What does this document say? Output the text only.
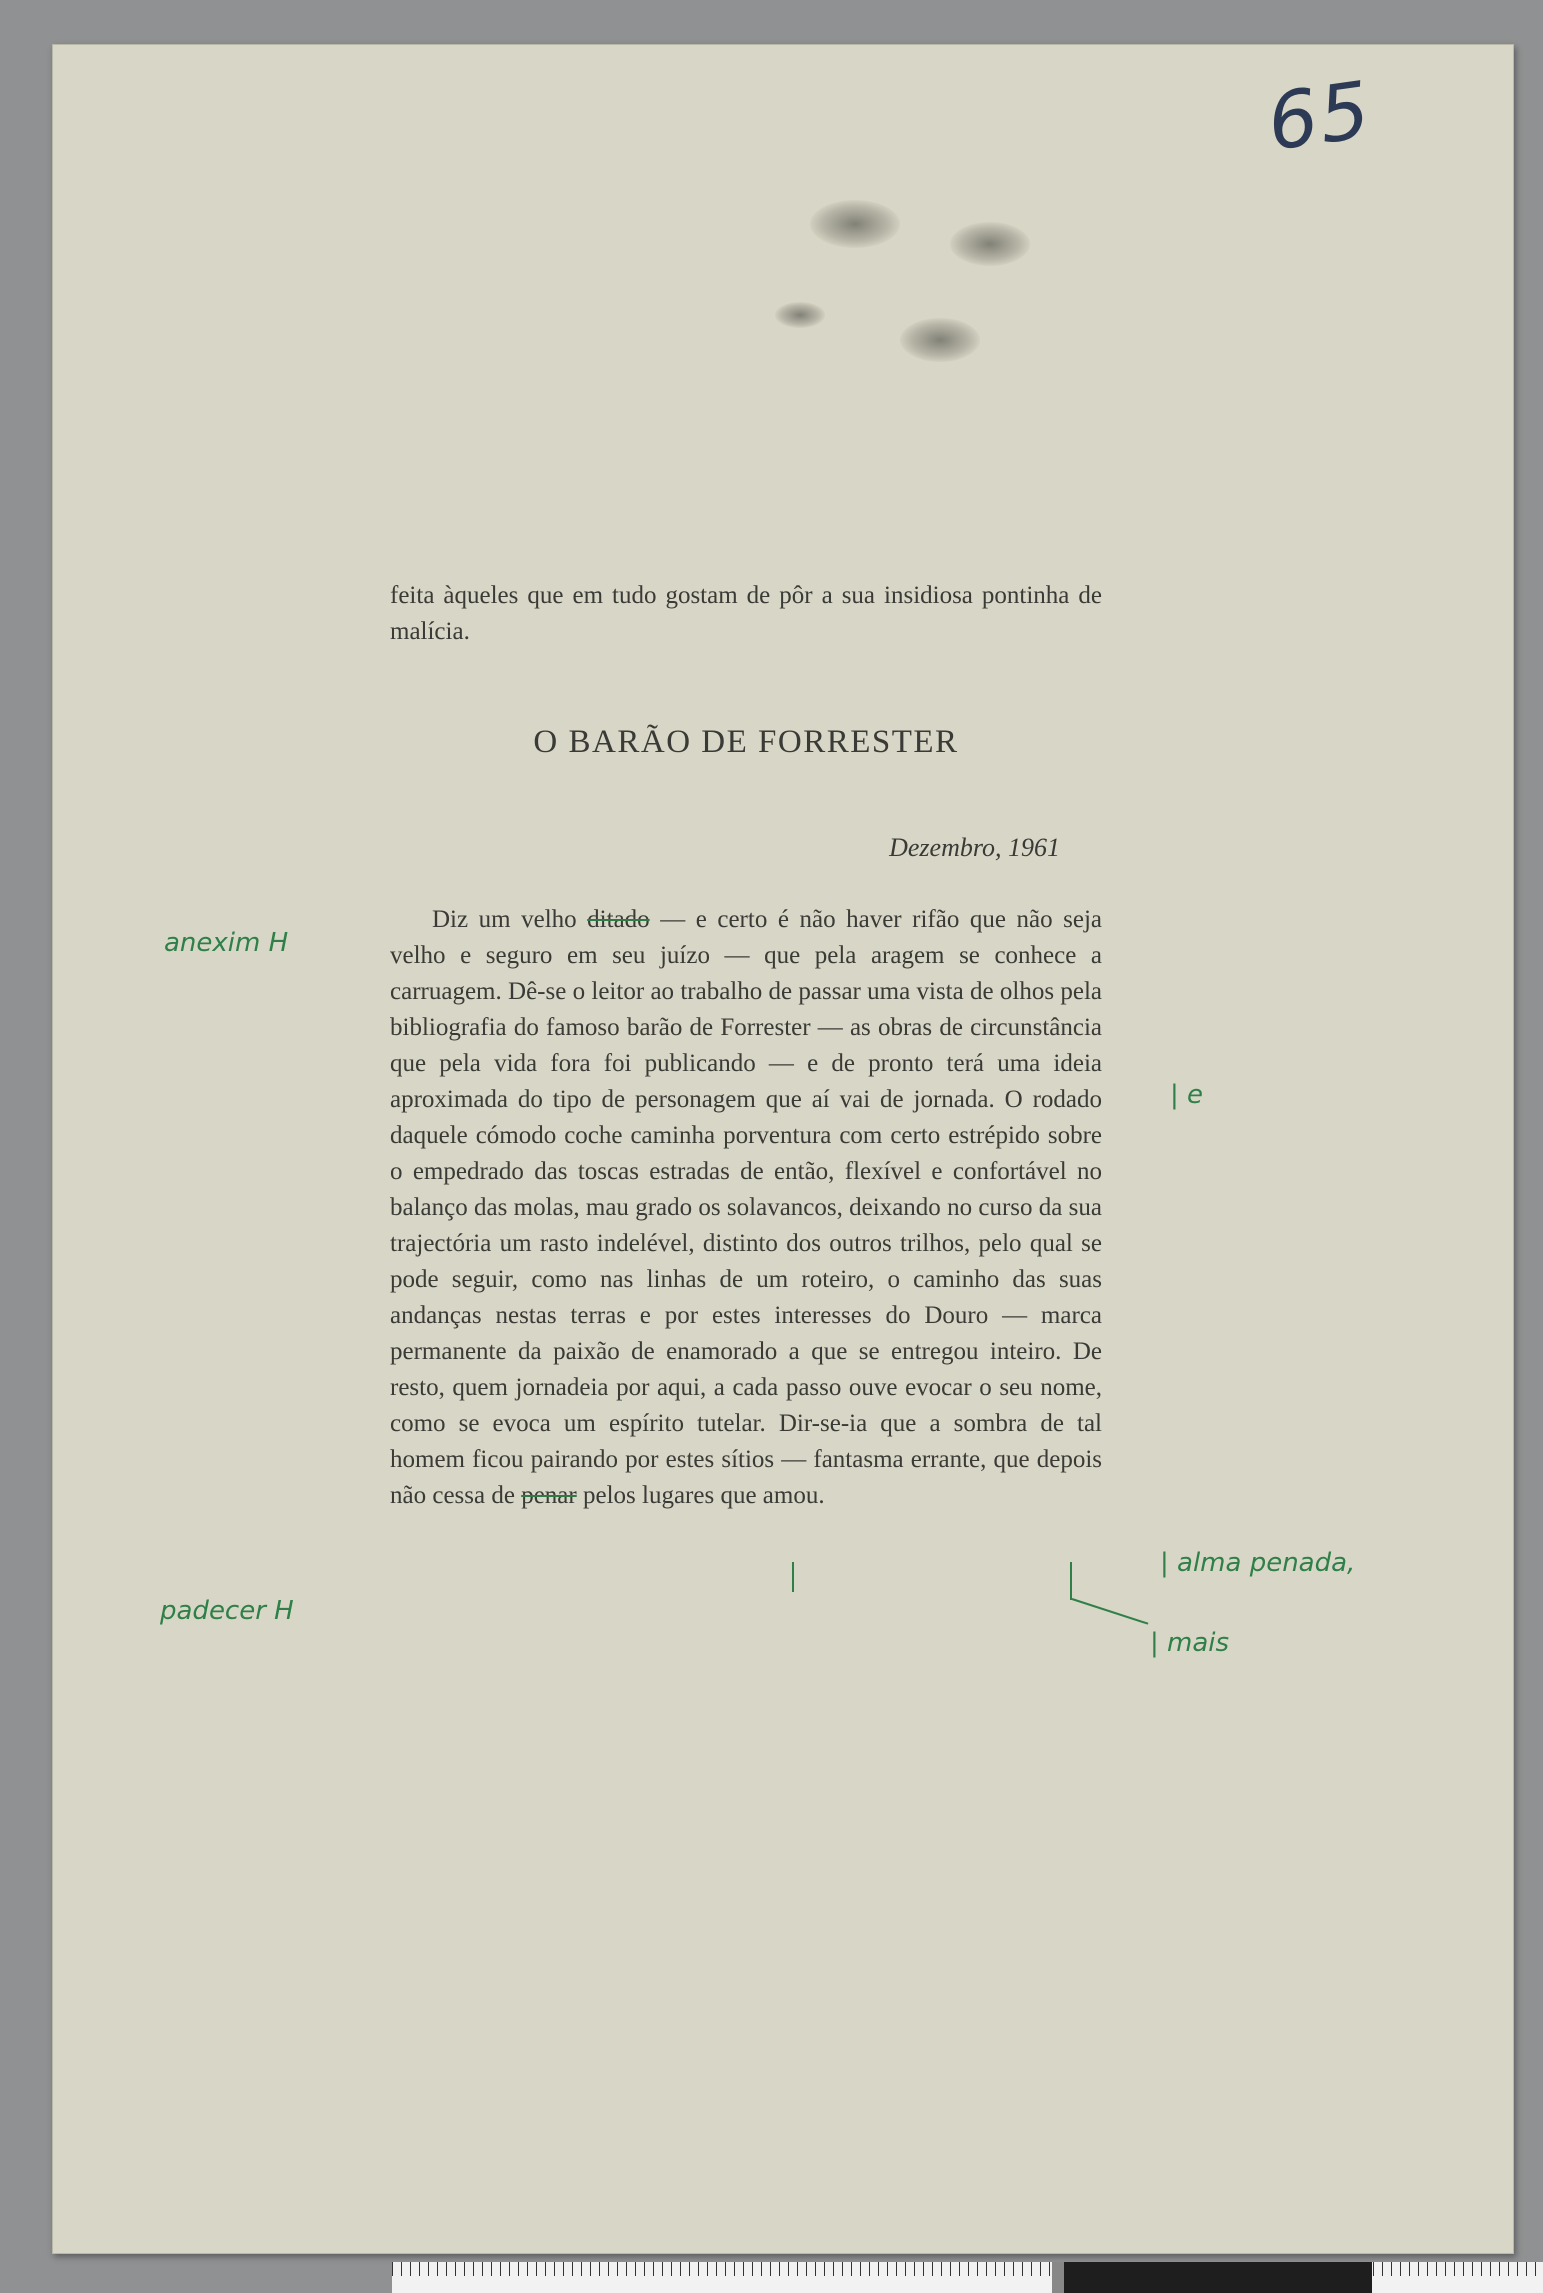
65

feita àqueles que em tudo gostam de pôr a sua insidiosa pontinha de malícia.

O BARÃO DE FORRESTER
Dezembro, 1961

Diz um velho ditado — e certo é não haver rifão que não seja velho e seguro em seu juízo — que pela aragem se conhece a carruagem. Dê-se o leitor ao trabalho de passar uma vista de olhos pela bibliografia do famoso barão de Forrester — as obras de circunstância que pela vida fora foi publicando — e de pronto terá uma ideia aproximada do tipo de personagem que aí vai de jornada. O rodado daquele cómodo coche caminha porventura com certo estrépido sobre o empedrado das toscas estradas de então, flexível e confortável no balanço das molas, mau grado os solavancos, deixando no curso da sua trajectória um rasto indelével, distinto dos outros trilhos, pelo qual se pode seguir, como nas linhas de um roteiro, o caminho das suas andanças nestas terras e por estes interesses do Douro — marca permanente da paixão de enamorado a que se entregou inteiro. De resto, quem jornadeia por aqui, a cada passo ouve evocar o seu nome, como se evoca um espírito tutelar. Dir-se-ia que a sombra de tal homem ficou pairando por estes sítios — fantasma errante, que depois não cessa de penar pelos lugares que amou.

anexim H
padecer H
| e
| alma penada,
| mais
